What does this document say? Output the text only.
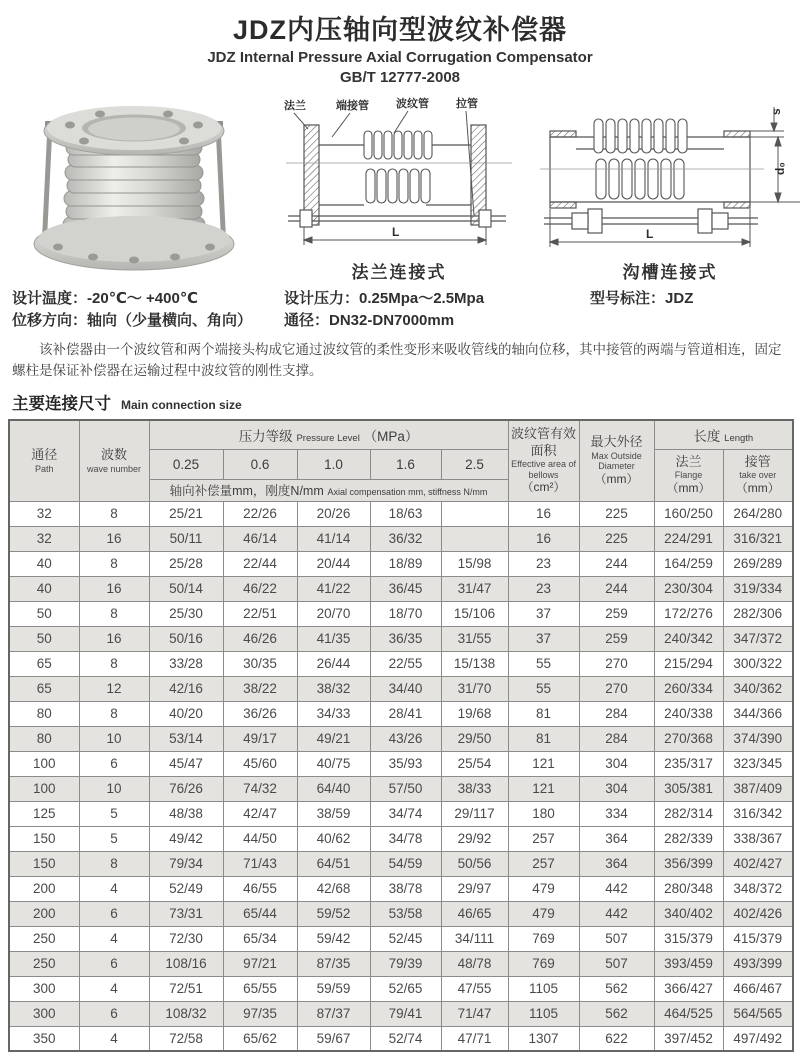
JDZ内压轴向型波纹补偿器
JDZ Internal Pressure Axial Corrugation Compensator
GB/T 12777-2008
法兰	端接管 波纹管 拉管
L
法兰连接式
s
d₀
L
沟槽连接式
设计温度：-20℃～ +400℃	设计压力：0.25Mpa～2.5Mpa	型号标注：JDZ
位移方向：轴向（少量横向、角向）	通径：DN32-DN7000mm

该补偿器由一个波纹管和两个端接头构成它通过波纹管的柔性变形来吸收管线的轴向位移，其中接管的两端与管道相连，固定螺柱是保证补偿器在运输过程中波纹管的刚性支撑。

主要连接尺寸 Main connection size
通径
Path	波数
wave number	压力等级 Pressure Level （MPa）					波纹管有效面积
Effective area of bellows
（cm²）	最大外径
Max Outside Diameter
（mm）	长度 Length	
		0.25	0.6	1.0	1.6	2.5			法兰
Flange
（mm）	接管
take over
（mm）

		轴向补偿量mm，刚度N/mm Axial compensation mm, stiffness N/mm								
32	8	25/21	22/26	20/26	18/63		16	225	160/250	264/280
32	16	50/11	46/14	41/14	36/32		16	225	224/291	316/321
40	8	25/28	22/44	20/44	18/89	15/98	23	244	164/259	269/289
40	16	50/14	46/22	41/22	36/45	31/47	23	244	230/304	319/334
50	8	25/30	22/51	20/70	18/70	15/106	37	259	172/276	282/306
50	16	50/16	46/26	41/35	36/35	31/55	37	259	240/342	347/372
65	8	33/28	30/35	26/44	22/55	15/138	55	270	215/294	300/322
65	12	42/16	38/22	38/32	34/40	31/70	55	270	260/334	340/362
80	8	40/20	36/26	34/33	28/41	19/68	81	284	240/338	344/366
80	10	53/14	49/17	49/21	43/26	29/50	81	284	270/368	374/390
100	6	45/47	45/60	40/75	35/93	25/54	121	304	235/317	323/345
100	10	76/26	74/32	64/40	57/50	38/33	121	304	305/381	387/409
125	5	48/38	42/47	38/59	34/74	29/117	180	334	282/314	316/342
150	5	49/42	44/50	40/62	34/78	29/92	257	364	282/339	338/367
150	8	79/34	71/43	64/51	54/59	50/56	257	364	356/399	402/427
200	4	52/49	46/55	42/68	38/78	29/97	479	442	280/348	348/372
200	6	73/31	65/44	59/52	53/58	46/65	479	442	340/402	402/426
250	4	72/30	65/34	59/42	52/45	34/111	769	507	315/379	415/379
250	6	108/16	97/21	87/35	79/39	48/78	769	507	393/459	493/399
300	4	72/51	65/55	59/59	52/65	47/55	1105	562	366/427	466/467
300	6	108/32	97/35	87/37	79/41	71/47	1105	562	464/525	564/565
350	4	72/58	65/62	59/67	52/74	47/71	1307	622	397/452	497/492
